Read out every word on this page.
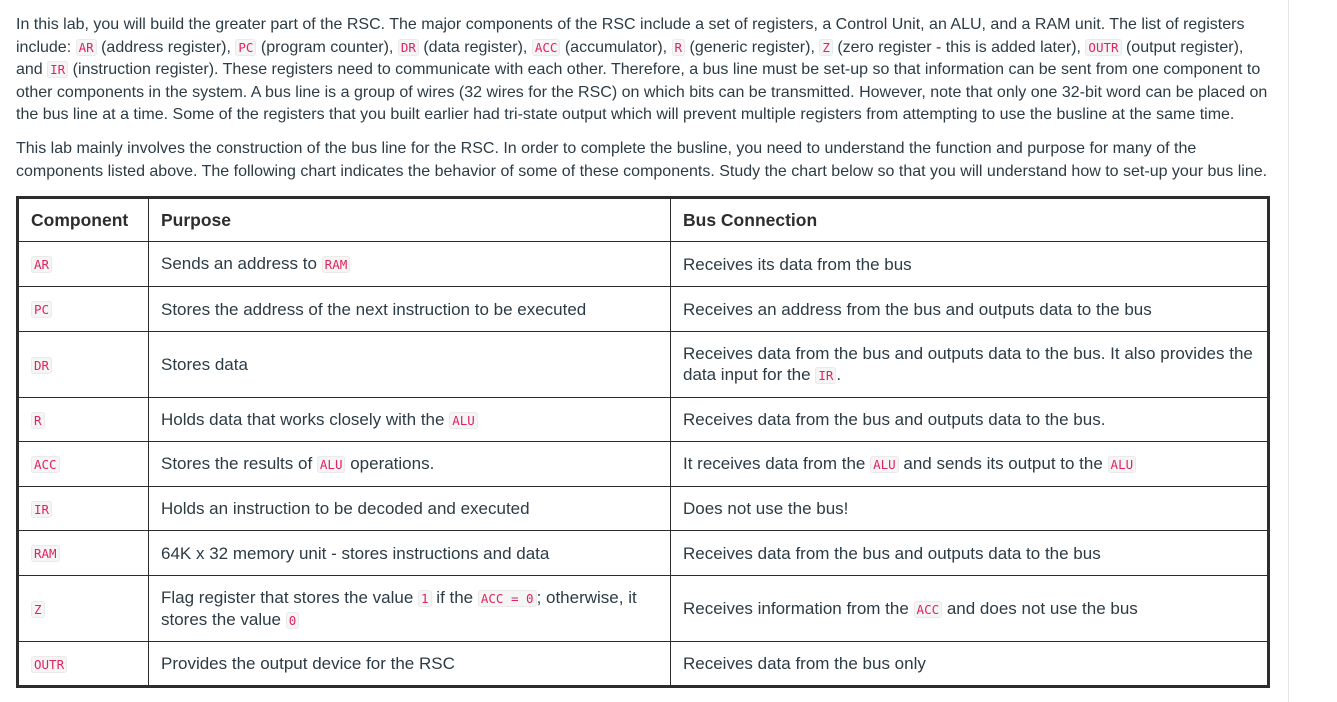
In this lab, you will build the greater part of the RSC. The major components of the RSC include a set of registers, a Control Unit, an ALU, and a RAM unit. The list of registers include: AR (address register), PC (program counter), DR (data register), ACC (accumulator), R (generic register), Z (zero register - this is added later), OUTR (output register), and IR (instruction register). These registers need to communicate with each other. Therefore, a bus line must be set-up so that information can be sent from one component to other components in the system. A bus line is a group of wires (32 wires for the RSC) on which bits can be transmitted. However, note that only one 32-bit word can be placed on the bus line at a time. Some of the registers that you built earlier had tri-state output which will prevent multiple registers from attempting to use the busline at the same time.

This lab mainly involves the construction of the bus line for the RSC. In order to complete the busline, you need to understand the function and purpose for many of the components listed above. The following chart indicates the behavior of some of these components. Study the chart below so that you will understand how to set-up your bus line.

Component	Purpose	Bus Connection
AR	Sends an address to RAM	Receives its data from the bus
PC	Stores the address of the next instruction to be executed	Receives an address from the bus and outputs data to the bus
DR	Stores data	Receives data from the bus and outputs data to the bus. It also provides the data input for the IR .
R	Holds data that works closely with the ALU	Receives data from the bus and outputs data to the bus.
ACC	Stores the results of ALU operations.	It receives data from the ALU and sends its output to the ALU
IR	Holds an instruction to be decoded and executed	Does not use the bus!
RAM	64K x 32 memory unit - stores instructions and data	Receives data from the bus and outputs data to the bus
Z	Flag register that stores the value 1 if the ACC = 0 ; otherwise, it stores the value 0	Receives information from the ACC and does not use the bus
OUTR	Provides the output device for the RSC	Receives data from the bus only
